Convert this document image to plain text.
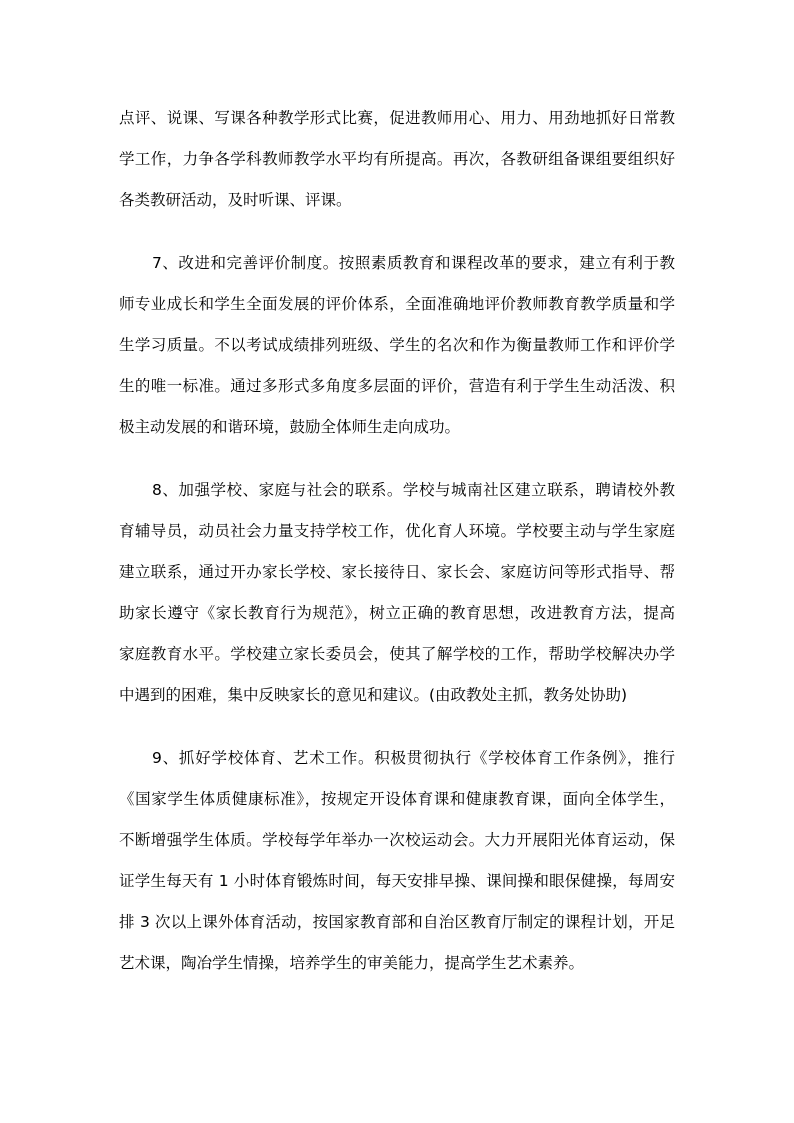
点评、说课、写课各种教学形式比赛，促进教师用心、用力、用劲地抓好日常教
学工作，力争各学科教师教学水平均有所提高。再次，各教研组备课组要组织好
各类教研活动，及时听课、评课。
7、改进和完善评价制度。按照素质教育和课程改革的要求，建立有利于教
师专业成长和学生全面发展的评价体系，全面准确地评价教师教育教学质量和学
生学习质量。不以考试成绩排列班级、学生的名次和作为衡量教师工作和评价学
生的唯一标准。通过多形式多角度多层面的评价，营造有利于学生生动活泼、积
极主动发展的和谐环境，鼓励全体师生走向成功。
8、加强学校、家庭与社会的联系。学校与城南社区建立联系，聘请校外教
育辅导员，动员社会力量支持学校工作，优化育人环境。学校要主动与学生家庭
建立联系，通过开办家长学校、家长接待日、家长会、家庭访问等形式指导、帮
助家长遵守《家长教育行为规范》，树立正确的教育思想，改进教育方法，提高
家庭教育水平。学校建立家长委员会，使其了解学校的工作，帮助学校解决办学
中遇到的困难，集中反映家长的意见和建议。(由政教处主抓，教务处协助)
9、抓好学校体育、艺术工作。积极贯彻执行《学校体育工作条例》，推行
《国家学生体质健康标准》，按规定开设体育课和健康教育课，面向全体学生，
不断增强学生体质。学校每学年举办一次校运动会。大力开展阳光体育运动，保
证学生每天有 1 小时体育锻炼时间，每天安排早操、课间操和眼保健操，每周安
排 3 次以上课外体育活动，按国家教育部和自治区教育厅制定的课程计划，开足
艺术课，陶冶学生情操，培养学生的审美能力，提高学生艺术素养。
